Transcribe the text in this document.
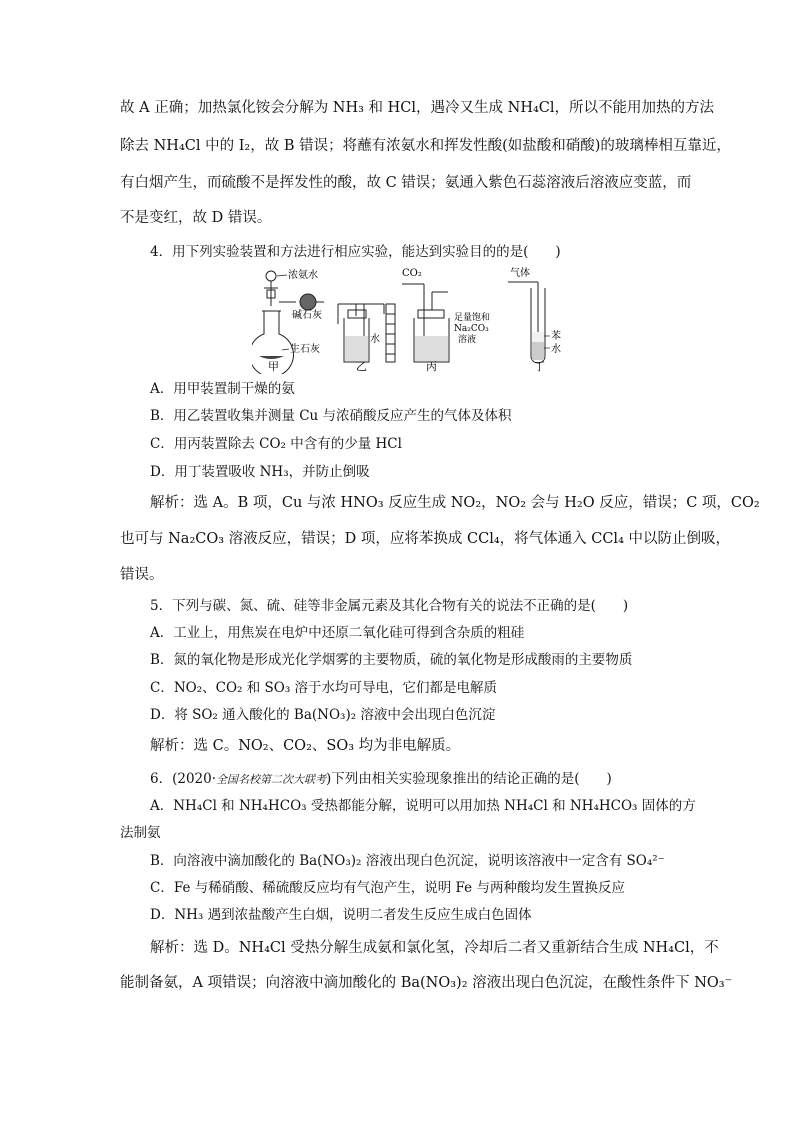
故 A 正确；加热氯化铵会分解为 NH₃ 和 HCl，遇冷又生成 NH₄Cl，所以不能用加热的方法
除去 NH₄Cl 中的 I₂，故 B 错误；将蘸有浓氨水和挥发性酸(如盐酸和硝酸)的玻璃棒相互靠近，
有白烟产生，而硫酸不是挥发性的酸，故 C 错误；氨通入紫色石蕊溶液后溶液应变蓝，而
不是变红，故 D 错误。
4．用下列实验装置和方法进行相应实验，能达到实验目的的是(　　)
浓氨水
碱石灰
生石灰
甲
水
乙
CO₂
足量饱和
Na₂CO₃
溶液
丙
气体
苯
水
丁
A．用甲装置制干燥的氨
B．用乙装置收集并测量 Cu 与浓硝酸反应产生的气体及体积
C．用丙装置除去 CO₂ 中含有的少量 HCl
D．用丁装置吸收 NH₃，并防止倒吸
解析：选 A。B 项，Cu 与浓 HNO₃ 反应生成 NO₂，NO₂ 会与 H₂O 反应，错误；C 项，CO₂
也可与 Na₂CO₃ 溶液反应，错误；D 项，应将苯换成 CCl₄，将气体通入 CCl₄ 中以防止倒吸，
错误。
5．下列与碳、氮、硫、硅等非金属元素及其化合物有关的说法不正确的是(　　)
A．工业上，用焦炭在电炉中还原二氧化硅可得到含杂质的粗硅
B．氮的氧化物是形成光化学烟雾的主要物质，硫的氧化物是形成酸雨的主要物质
C．NO₂、CO₂ 和 SO₃ 溶于水均可导电，它们都是电解质
D．将 SO₂ 通入酸化的 Ba(NO₃)₂ 溶液中会出现白色沉淀
解析：选 C。NO₂、CO₂、SO₃ 均为非电解质。
6．(2020·全国名校第二次大联考)下列由相关实验现象推出的结论正确的是(　　)
A．NH₄Cl 和 NH₄HCO₃ 受热都能分解，说明可以用加热 NH₄Cl 和 NH₄HCO₃ 固体的方
法制氨
B．向溶液中滴加酸化的 Ba(NO₃)₂ 溶液出现白色沉淀，说明该溶液中一定含有 SO₄²⁻
C．Fe 与稀硝酸、稀硫酸反应均有气泡产生，说明 Fe 与两种酸均发生置换反应
D．NH₃ 遇到浓盐酸产生白烟，说明二者发生反应生成白色固体
解析：选 D。NH₄Cl 受热分解生成氨和氯化氢，冷却后二者又重新结合生成 NH₄Cl，不
能制备氨，A 项错误；向溶液中滴加酸化的 Ba(NO₃)₂ 溶液出现白色沉淀，在酸性条件下 NO₃⁻
